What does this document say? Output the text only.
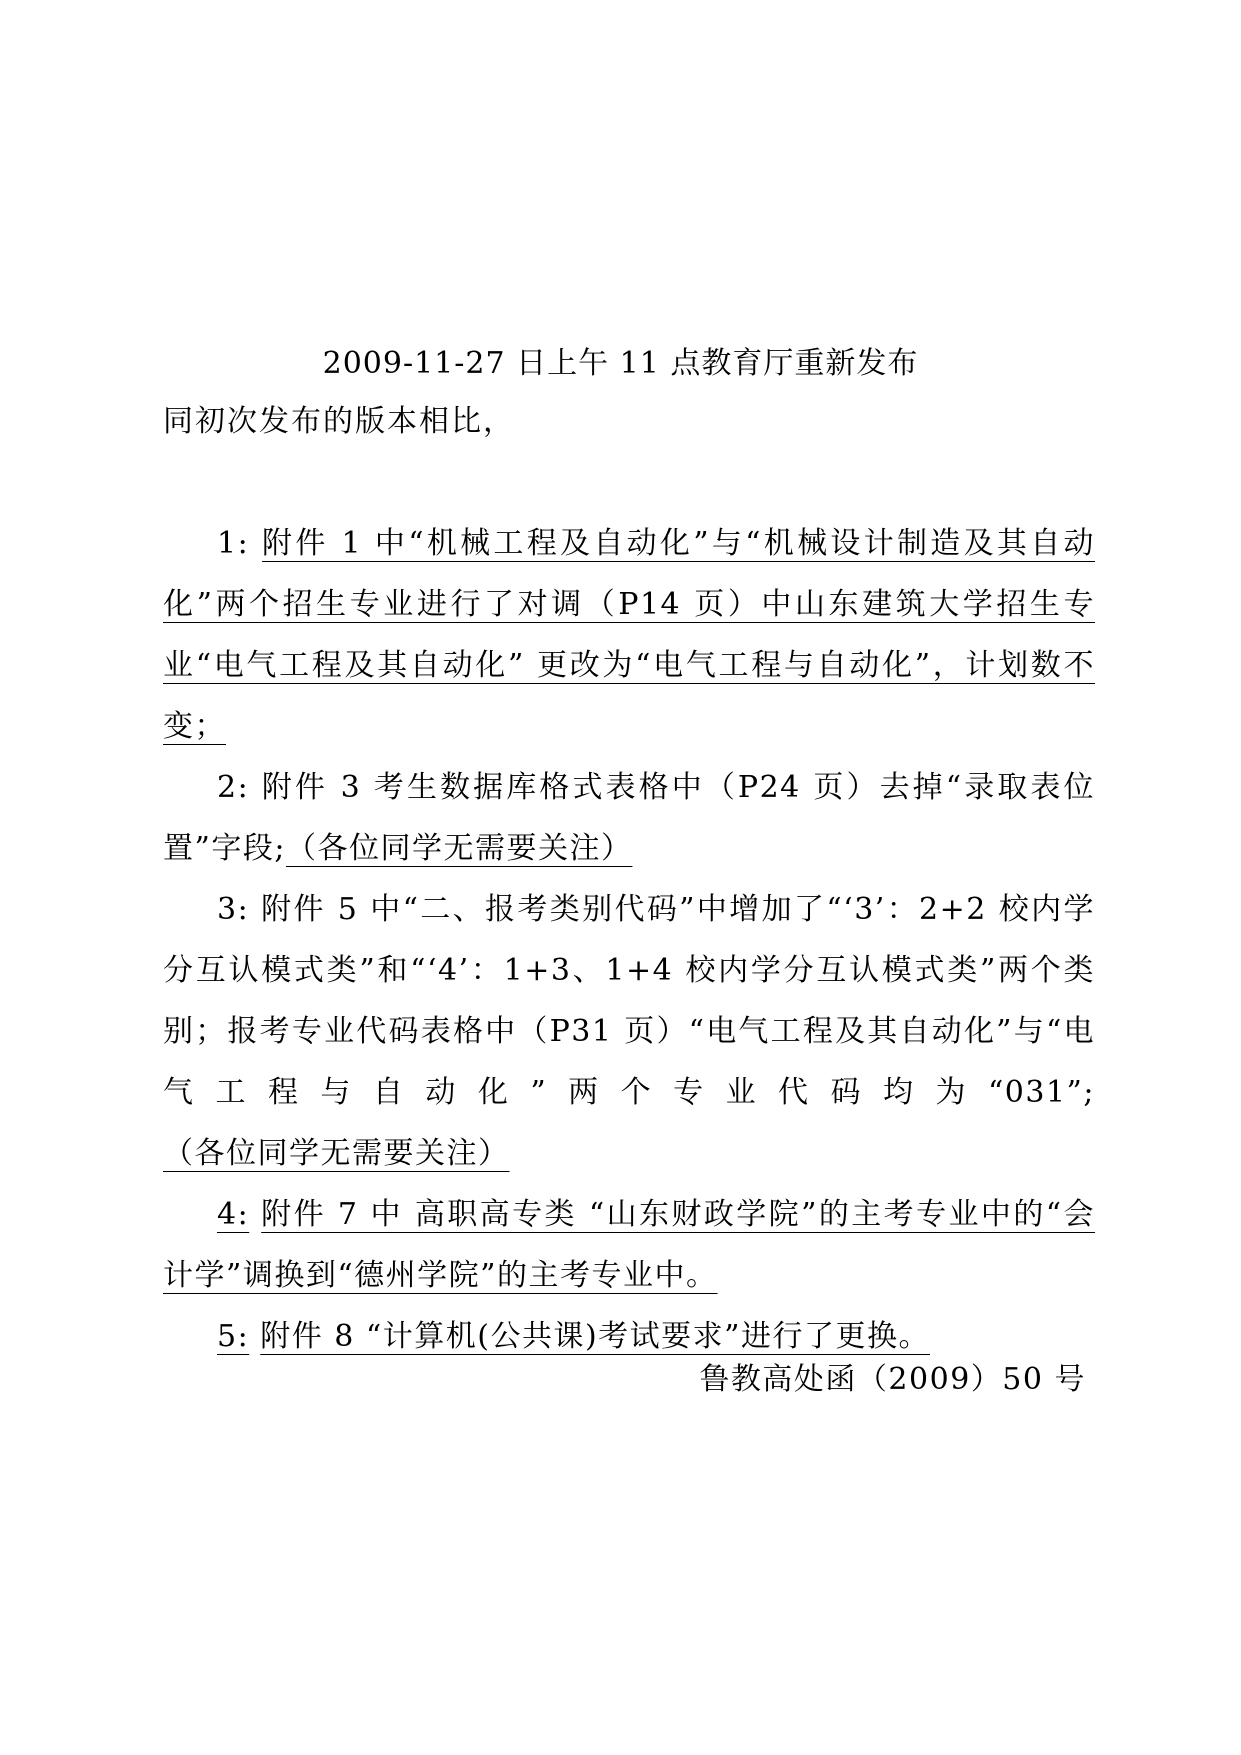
2009-11-27 日上午 11 点教育厅重新发布

同初次发布的版本相比，

1: 附件 1 中“机械工程及自动化”与“机械设计制造及其自动化”两个招生专业进行了对调（P14 页）中山东建筑大学招生专业“电气工程及其自动化” 更改为“电气工程与自动化”，计划数不变；

2: 附件 3 考生数据库格式表格中（P24 页）去掉“录取表位置”字段;（各位同学无需要关注）

3: 附件 5 中“二、报考类别代码”中增加了“‘3’：2+2 校内学分互认模式类”和“‘4’：1+3、1+4 校内学分互认模式类”两个类别；报考专业代码表格中（P31 页）“电气工程及其自动化”与“电气工程与自动化”两个专业代码均为“031”;（各位同学无需要关注）

4: 附件 7 中 高职高专类 “山东财政学院”的主考专业中的“会计学”调换到“德州学院”的主考专业中。

5: 附件 8 “计算机(公共课)考试要求”进行了更换。

鲁教高处函（2009）50 号
